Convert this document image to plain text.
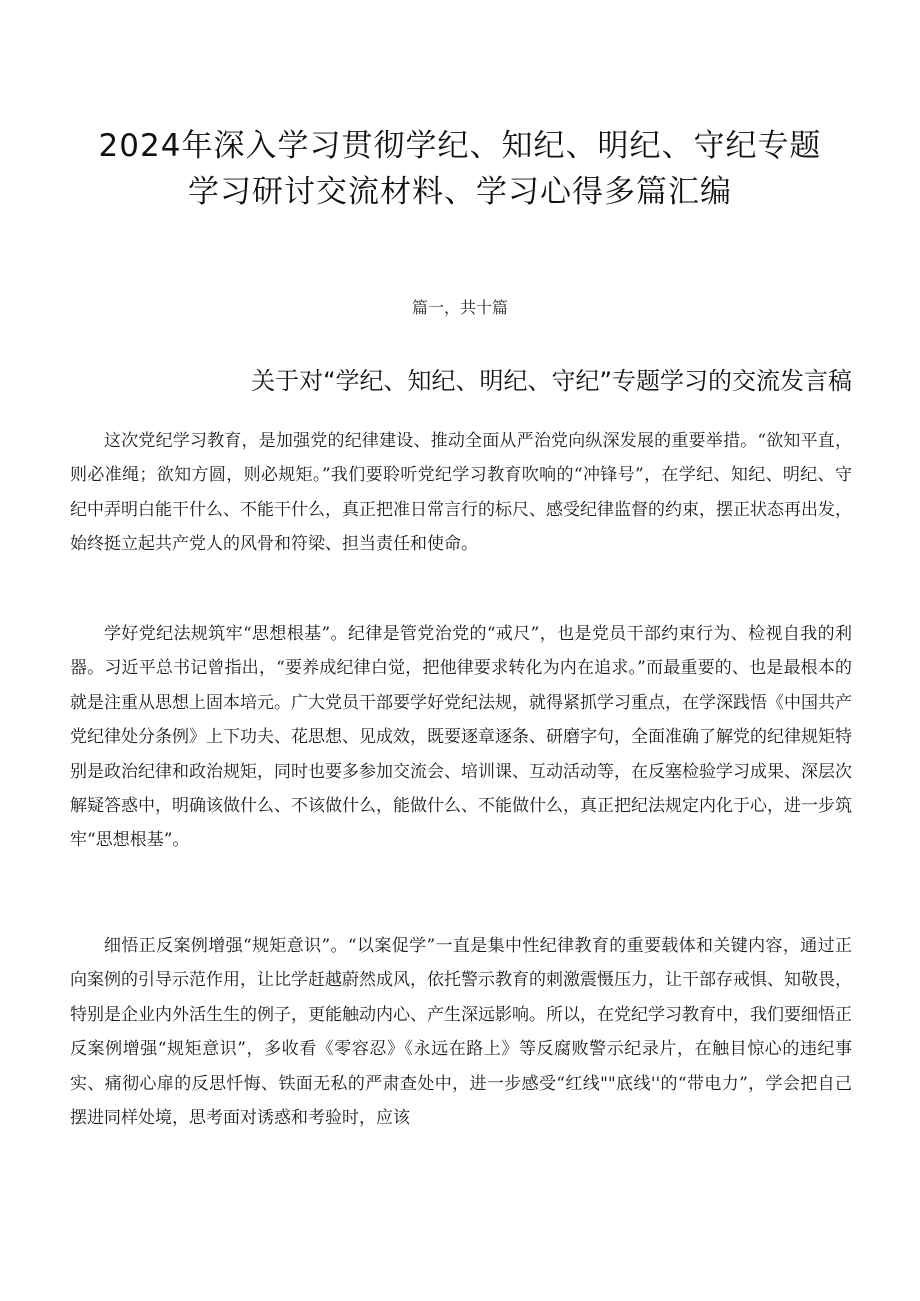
2024年深入学习贯彻学纪、知纪、明纪、守纪专题
学习研讨交流材料、学习心得多篇汇编
篇一，共十篇
关于对“学纪、知纪、明纪、守纪”专题学习的交流发言稿

这次党纪学习教育，是加强党的纪律建设、推动全面从严治党向纵深发展的重要举措。“欲知平直，则必准绳；欲知方圆，则必规矩。”我们要聆听党纪学习教育吹响的“冲锋号”，在学纪、知纪、明纪、守纪中弄明白能干什么、不能干什么，真正把准日常言行的标尺、感受纪律监督的约束，摆正状态再出发，始终挺立起共产党人的风骨和符梁、担当责任和使命。

学好党纪法规筑牢“思想根基”。纪律是管党治党的“戒尺”，也是党员干部约束行为、检视自我的利器。习近平总书记曾指出，“要养成纪律白觉，把他律要求转化为内在追求。”而最重要的、也是最根本的就是注重从思想上固本培元。广大党员干部要学好党纪法规，就得紧抓学习重点，在学深践悟《中国共产党纪律处分条例》上下功夫、花思想、见成效，既要逐章逐条、研磨字句，全面准确了解党的纪律规矩特别是政治纪律和政治规矩，同时也要多参加交流会、培训课、互动活动等，在反塞检验学习成果、深层次解疑答惑中，明确该做什么、不该做什么，能做什么、不能做什么，真正把纪法规定内化于心，进一步筑牢“思想根基”。

细悟正反案例增强“规矩意识”。“以案促学”一直是集中性纪律教育的重要载体和关键内容，通过正向案例的引导示范作用，让比学赶越蔚然成风，依托警示教育的刺激震慑压力，让干部存戒惧、知敬畏，特别是企业内外活生生的例子，更能触动内心、产生深远影响。所以，在党纪学习教育中，我们要细悟正反案例增强“规矩意识”，多收看《零容忍》《永远在路上》等反腐败警示纪录片，在触目惊心的违纪事实、痛彻心扉的反思忏悔、铁面无私的严肃查处中，进一步感受“红线""底线''的“带电力”，学会把自己摆进同样处境，思考面对诱惑和考验时，应该
